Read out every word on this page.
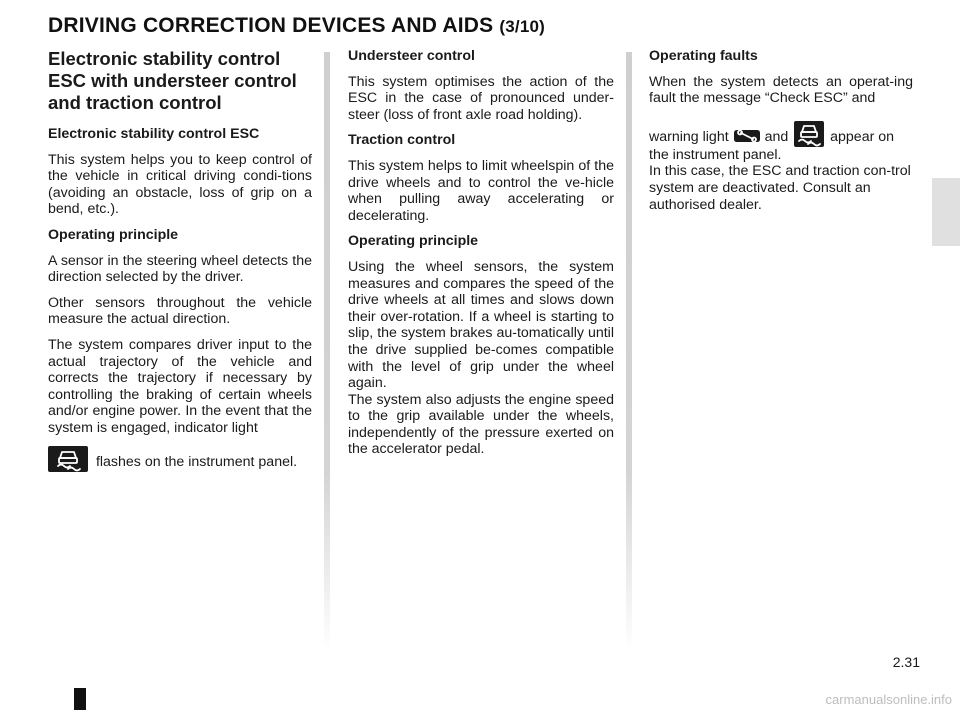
DRIVING CORRECTION DEVICES AND AIDS (3/10)
Electronic stability control ESC with understeer control and traction control
Electronic stability control ESC

This system helps you to keep control of the vehicle in critical driving condi-tions (avoiding an obstacle, loss of grip on a bend, etc.).

Operating principle

A sensor in the steering wheel detects the direction selected by the driver.

Other sensors throughout the vehicle measure the actual direction.

The system compares driver input to the actual trajectory of the vehicle and corrects the trajectory if necessary by controlling the braking of certain wheels and/or engine power. In the event that the system is engaged, indicator light

flashes on the instrument panel.

Understeer control

This system optimises the action of the ESC in the case of pronounced under-steer (loss of front axle road holding).

Traction control

This system helps to limit wheelspin of the drive wheels and to control the ve-hicle when pulling away accelerating or decelerating.

Operating principle

Using the wheel sensors, the system measures and compares the speed of the drive wheels at all times and slows down their over-rotation. If a wheel is starting to slip, the system brakes au-tomatically until the drive supplied be-comes compatible with the level of grip under the wheel again.
The system also adjusts the engine speed to the grip available under the wheels, independently of the pressure exerted on the accelerator pedal.

Operating faults

When the system detects an operat-ing fault the message “Check ESC” and

warning light	and	appear on the instrument panel.
In this case, the ESC and traction con-trol system are deactivated. Consult an authorised dealer.

2.31
carmanualsonline.info
